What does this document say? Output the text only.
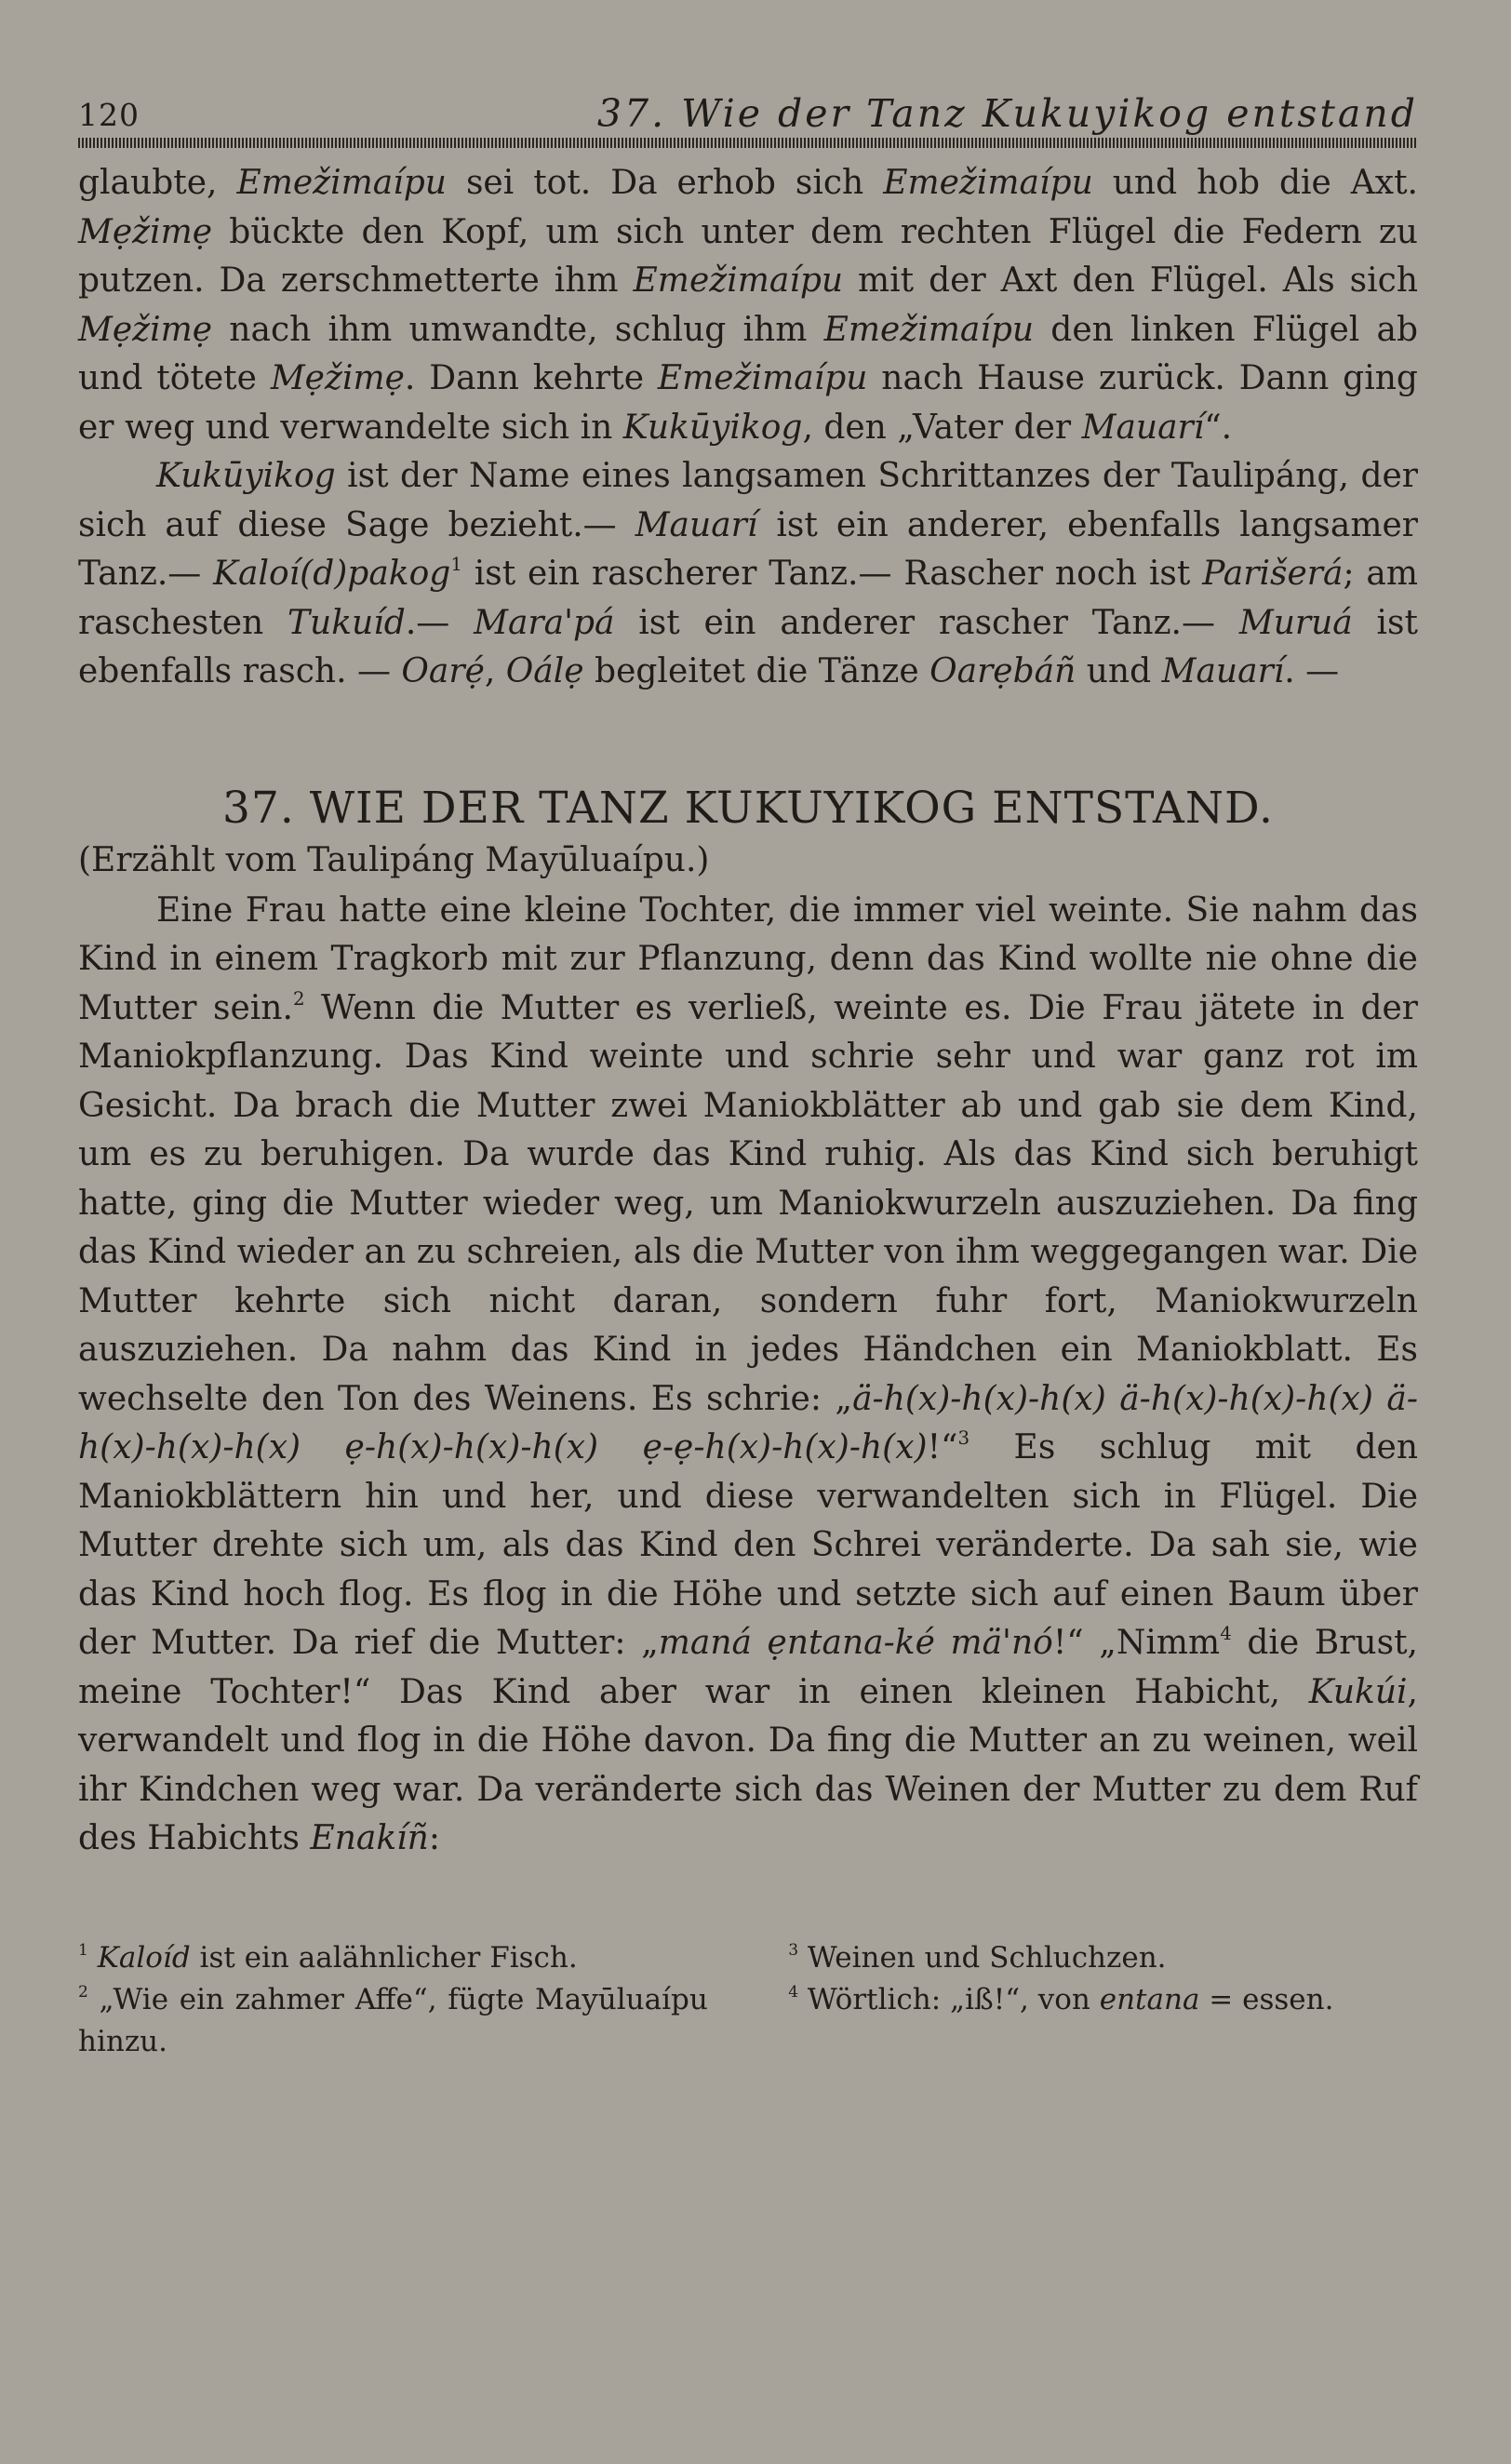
120	37. Wie der Tanz Kukuyikog entstand

glaubte, Emežimaípu sei tot. Da erhob sich Emežimaípu und hob die Axt. Mẹžimẹ bückte den Kopf, um sich unter dem rechten Flügel die Federn zu putzen. Da zerschmetterte ihm Emežimaípu mit der Axt den Flügel. Als sich Mẹžimẹ nach ihm umwandte, schlug ihm Emežimaípu den linken Flügel ab und tötete Mẹžimẹ. Dann kehrte Emežimaípu nach Hause zurück. Dann ging er weg und verwandelte sich in Kukūyikog, den „Vater der Mauarí“.

Kukūyikog ist der Name eines langsamen Schrittanzes der Taulipáng, der sich auf diese Sage bezieht.— Mauarí ist ein anderer, ebenfalls langsamer Tanz.— Kaloí(d)pakog$^1$ ist ein rascherer Tanz.— Rascher noch ist Parišerá; am raschesten Tukuíd.— Mara'pá ist ein anderer rascher Tanz.— Muruá ist ebenfalls rasch. — Oarẹ́, Oálẹ begleitet die Tänze Oarẹbáñ und Mauarí. —

37. WIE DER TANZ KUKUYIKOG ENTSTAND.

(Erzählt vom Taulipáng Mayūluaípu.)

Eine Frau hatte eine kleine Tochter, die immer viel weinte. Sie nahm das Kind in einem Tragkorb mit zur Pflanzung, denn das Kind wollte nie ohne die Mutter sein.$^2$ Wenn die Mutter es verließ, weinte es. Die Frau jätete in der Maniokpflanzung. Das Kind weinte und schrie sehr und war ganz rot im Gesicht. Da brach die Mutter zwei Maniokblätter ab und gab sie dem Kind, um es zu beruhigen. Da wurde das Kind ruhig. Als das Kind sich beruhigt hatte, ging die Mutter wieder weg, um Maniokwurzeln auszuziehen. Da fing das Kind wieder an zu schreien, als die Mutter von ihm weggegangen war. Die Mutter kehrte sich nicht daran, sondern fuhr fort, Maniokwurzeln auszuziehen. Da nahm das Kind in jedes Händchen ein Maniokblatt. Es wechselte den Ton des Weinens. Es schrie: „ä-h(x)-h(x)-h(x) ä-h(x)-h(x)-h(x) ä-h(x)-h(x)-h(x) ẹ-h(x)-h(x)-h(x) ẹ-ẹ-h(x)-h(x)-h(x)!“$^3$ Es schlug mit den Maniokblättern hin und her, und diese verwandelten sich in Flügel. Die Mutter drehte sich um, als das Kind den Schrei veränderte. Da sah sie, wie das Kind hoch flog. Es flog in die Höhe und setzte sich auf einen Baum über der Mutter. Da rief die Mutter: „maná ẹntana-ké mä'nó!“ „Nimm$^4$ die Brust, meine Tochter!“ Das Kind aber war in einen kleinen Habicht, Kukúi, verwandelt und flog in die Höhe davon. Da fing die Mutter an zu weinen, weil ihr Kindchen weg war. Da veränderte sich das Weinen der Mutter zu dem Ruf des Habichts Enakíñ:

$^1$ Kaloíd ist ein aalähnlicher Fisch.

$^2$ „Wie ein zahmer Affe“, fügte Mayūluaípu hinzu.

$^3$ Weinen und Schluchzen.

$^4$ Wörtlich: „iß!“, von entana = essen.
